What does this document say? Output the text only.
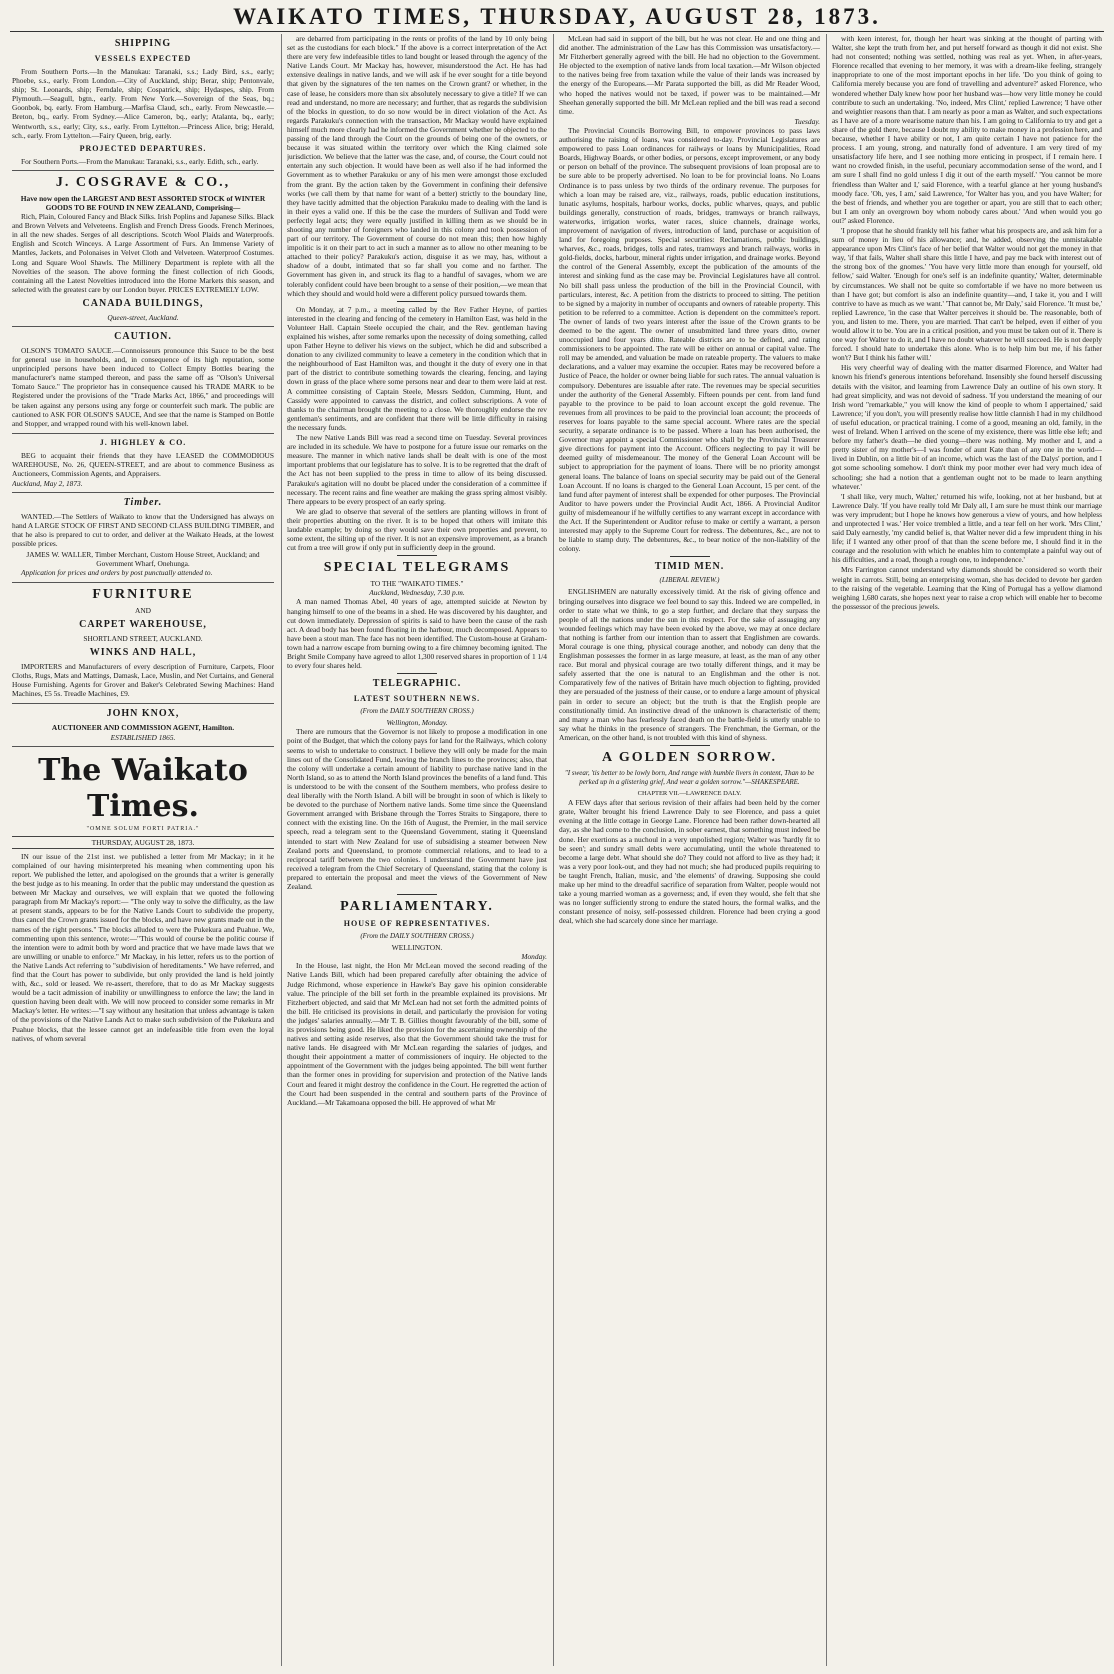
WAIKATO TIMES, THURSDAY, AUGUST 28, 1873.
SHIPPING
VESSELS EXPECTED
From Southern Ports.—In the Manukau: Taranaki, s.s.; Lady Bird, s.s., early; Phoebe, s.s., early. From London.—City of Auckland, ship; Berar, ship; Pentonvale, ship; St. Leonards, ship; Ferndale, ship; Cospatrick, ship; Hydaspes, ship. From Plymouth.—Seagull, bgtn., early. From New York.—Sovereign of the Seas, bq.; Goonbok, bq. early. From Hamburg.—Marfisa Claud, sch., early. From Newcastle.—Breton, bq., early. From Sydney.—Alice Cameron, bq., early; Atalanta, bq., early; Wentworth, s.s., early; City, s.s., early. From Lyttelton.—Princess Alice, brig; Herald, sch., early. From Lyttelton.—Fairy Queen, brig, early.
PROJECTED DEPARTURES.
For Southern Ports.—From the Manukau: Taranaki, s.s., early. Edith, sch., early.
J. COSGRAVE & CO.,
Have now open the LARGEST AND BEST ASSORTED STOCK of WINTER GOODS TO BE FOUND IN NEW ZEALAND, Comprising—
Rich, Plain, Coloured Fancy and Black Silks. Irish Poplins and Japanese Silks. Black and Brown Velvets and Velveteens. English and French Dress Goods. French Merinoes, in all the new shades. Serges of all descriptions. Scotch Wool Plaids and Waterproofs. English and Scotch Winceys. A Large Assortment of Furs. An Immense Variety of Mantles, Jackets, and Polonaises in Velvet Cloth and Velveteen. Waterproof Costumes. Long and Square Wool Shawls. The Millinery Department is replete with all the Novelties of the season. The above forming the finest collection of rich Goods, containing all the Latest Novelties introduced into the Home Markets this season, and selected with the greatest care by our London buyer. PRICES EXTREMELY LOW.
CANADA BUILDINGS,
Queen-street, Auckland.
CAUTION.
OLSON'S TOMATO SAUCE.—Connoisseurs pronounce this Sauce to be the best for general use in households, and, in consequence of its high reputation, some unprincipled persons have been induced to Collect Empty Bottles bearing the manufacturer's name stamped thereon, and pass the same off as "Olson's Universal Tomato Sauce." The proprietor has in consequence caused his TRADE MARK to be Registered under the provisions of the "Trade Marks Act, 1866," and proceedings will be taken against any persons using any forge or counterfeit such mark. The public are cautioned to ASK FOR OLSON'S SAUCE, And see that the name is Stamped on Bottle and Stopper, and wrapped round with his well-known label.
J. HIGHLEY & CO.
BEG to acquaint their friends that they have LEASED the COMMODIOUS WAREHOUSE, No. 26, QUEEN-STREET, and are about to commence Business as Auctioneers, Commission Agents, and Appraisers.
Auckland, May 2, 1873.
Timber.
WANTED.—The Settlers of Waikato to know that the Undersigned has always on hand A LARGE STOCK OF FIRST AND SECOND CLASS BUILDING TIMBER, and that he also is prepared to cut to order, and deliver at the Waikato Heads, at the lowest possible prices.
JAMES W. WALLER, Timber Merchant, Custom House Street, Auckland; and Government Wharf, Onehunga.
Application for prices and orders by post punctually attended to.
FURNITURE
AND
CARPET WAREHOUSE,
SHORTLAND STREET, AUCKLAND.
WINKS AND HALL,
IMPORTERS and Manufacturers of every description of Furniture, Carpets, Floor Cloths, Rugs, Mats and Mattings, Damask, Lace, Muslin, and Net Curtains, and General House Furnishing. Agents for Grover and Baker's Celebrated Sewing Machines: Hand Machines, £5 5s. Treadle Machines, £9.
JOHN KNOX,
AUCTIONEER AND COMMISSION AGENT, Hamilton.
ESTABLISHED 1865.
The Waikato Times.
"OMNE SOLUM FORTI PATRIA."
THURSDAY, AUGUST 28, 1873.
IN our issue of the 21st inst. we published a letter from Mr Mackay; in it he complained of our having misinterpreted his meaning when commenting upon his report. We published the letter, and apologised on the grounds that a writer is generally the best judge as to his meaning. In order that the public may understand the question as between Mr Mackay and ourselves, we will explain that we quoted the following paragraph from Mr Mackay's report:— "The only way to solve the difficulty, as the law at present stands, appears to be for the Native Lands Court to subdivide the property, thus cancel the Crown grants issued for the blocks, and have new grants made out in the names of the right persons." The blocks alluded to were the Pukekura and Puahue. We, commenting upon this sentence, wrote:—"This would of course be the politic course if the intention were to admit both by word and practice that we have made laws that we are unwilling or unable to enforce." Mr Mackay, in his letter, refers us to the portion of the Native Lands Act referring to "subdivision of hereditaments." We have referred, and find that the Court has power to subdivide, but only provided the land is held jointly with, &c., sold or leased. We re-assert, therefore, that to do as Mr Mackay suggests would be a tacit admission of inability or unwillingness to enforce the law; the land in question having been dealt with. We will now proceed to consider some remarks in Mr Mackay's letter. He writes:—"I say without any hesitation that unless advantage is taken of the provisions of the Native Lands Act to make such subdivision of the Pukekura and Puahue blocks, that the lessee cannot get an indefeasible title from even the loyal natives, of whom several
are debarred from participating in the rents or profits of the land by 10 only being set as the custodians for each block." If the above is a correct interpretation of the Act there are very few indefeasible titles to land bought or leased through the agency of the Native Lands Court. Mr Mackay has, however, misunderstood the Act. He has had extensive dealings in native lands, and we will ask if he ever sought for a title beyond that given by the signatures of the ten names on the Crown grant? or whether, in the case of lease, he considers more than six absolutely necessary to give a title? If we can read and understand, no more are necessary; and further, that as regards the subdivision of the blocks in question, to do so now would be in direct violation of the Act. As regards Parakuku's connection with the transaction, Mr Mackay would have explained himself much more clearly had he informed the Government whether he objected to the passing of the land through the Court on the grounds of being one of the owners, or because it was situated within the territory over which the King claimed sole jurisdiction. We believe that the latter was the case, and, of course, the Court could not entertain any such objection. It would have been as well also if he had informed the Government as to whether Parakuku or any of his men were amongst those excluded from the grant. By the action taken by the Government in confining their defensive works (we call them by that name for want of a better) strictly to the boundary line, they have tacitly admitted that the objection Parakuku made to dealing with the land is in their eyes a valid one. If this be the case the murders of Sullivan and Todd were perfectly legal acts; they were equally justified in killing them as we should be in shooting any number of foreigners who landed in this colony and took possession of part of our territory. The Government of course do not mean this; then how highly impolitic is it on their part to act in such a manner as to allow no other meaning to be attached to their policy? Parakuku's action, disguise it as we may, has, without a shadow of a doubt, intimated that so far shall you come and no farther. The Government has given in, and struck its flag to a handful of savages, whom we are tolerably confident could have been brought to a sense of their position,—we mean that which they should and would hold were a different policy pursued towards them.
On Monday, at 7 p.m., a meeting called by the Rev Father Heyne, of parties interested in the clearing and fencing of the cemetery in Hamilton East, was held in the Volunteer Hall. Captain Steele occupied the chair, and the Rev. gentleman having explained his wishes, after some remarks upon the necessity of doing something, called upon Father Heyne to deliver his views on the subject, which he did and subscribed a donation to any civilized community to leave a cemetery in the condition which that in the neighbourhood of East Hamilton was, and thought it the duty of every one in that part of the district to contribute something towards the clearing, fencing, and laying down in grass of the place where some persons near and dear to them were laid at rest. A committee consisting of Captain Steele, Messrs Seddon, Cumming, Hunt, and Cassidy were appointed to canvass the district, and collect subscriptions. A vote of thanks to the chairman brought the meeting to a close. We thoroughly endorse the rev gentleman's sentiments, and are confident that there will be little difficulty in raising the necessary funds.
The new Native Lands Bill was read a second time on Tuesday. Several provinces are included in its schedule. We have to postpone for a future issue our remarks on the measure. The manner in which native lands shall be dealt with is one of the most important problems that our legislature has to solve. It is to be regretted that the draft of the Act has not been supplied to the press in time to allow of its being discussed. Parakuku's agitation will no doubt be placed under the consideration of a committee if necessary. The recent rains and fine weather are making the grass spring almost visibly. There appears to be every prospect of an early spring.
We are glad to observe that several of the settlers are planting willows in front of their properties abutting on the river. It is to be hoped that others will imitate this laudable example; by doing so they would save their own properties and prevent, to some extent, the silting up of the river. It is not an expensive improvement, as a branch cut from a tree will grow if only put in sufficiently deep in the ground.
SPECIAL TELEGRAMS
TO THE "WAIKATO TIMES."
Auckland, Wednesday, 7.30 p.m.
A man named Thomas Abel, 40 years of age, attempted suicide at Newton by hanging himself to one of the beams in a shed. He was discovered by his daughter, and cut down immediately. Depression of spirits is said to have been the cause of the rash act. A dead body has been found floating in the harbour, much decomposed. Appears to have been a stout man. The face has not been identified. The Custom-house at Graham-town had a narrow escape from burning owing to a fire chimney becoming ignited. The Bright Smile Company have agreed to allot 1,300 reserved shares in proportion of 1 1/4 to every four shares held.
TELEGRAPHIC.
LATEST SOUTHERN NEWS.
(From the DAILY SOUTHERN CROSS.)
Wellington, Monday.
There are rumours that the Governor is not likely to propose a modification in one point of the Budget, that which the colony pays for land for the Railways, which colony seems to wish to undertake to construct. I believe they will only be made for the main lines out of the Consolidated Fund, leaving the branch lines to the provinces; also, that the colony will undertake a certain amount of liability to purchase native land in the North Island, so as to attend the North Island provinces the benefits of a land fund. This is understood to be with the consent of the Southern members, who profess desire to deal liberally with the North Island. A bill will be brought in soon of which is likely to be devoted to the purchase of Northern native lands. Some time since the Queensland Government arranged with Brisbane through the Torres Straits to Singapore, there to connect with the existing line. On the 16th of August, the Premier, in the mail service speech, read a telegram sent to the Queensland Government, stating it Queensland intended to start with New Zealand for use of subsidising a steamer between New Zealand ports and Queensland, to promote commercial relations, and to lead to a reciprocal tariff between the two colonies. I understand the Government have just received a telegram from the Chief Secretary of Queensland, stating that the colony is prepared to entertain the proposal and meet the views of the Government of New Zealand.
PARLIAMENTARY.
HOUSE OF REPRESENTATIVES.
(From the DAILY SOUTHERN CROSS.)
WELLINGTON.
Monday.
In the House, last night, the Hon Mr McLean moved the second reading of the Native Lands Bill, which had been prepared carefully after obtaining the advice of Judge Richmond, whose experience in Hawke's Bay gave his opinion considerable value. The principle of the bill set forth in the preamble explained its provisions. Mr Fitzherbert objected, and said that Mr McLean had not set forth the admitted points of the bill. He criticised its provisions in detail, and particularly the provision for voting the judges' salaries annually.—Mr T. B. Gillies thought favourably of the bill, some of its provisions being good. He liked the provision for the ascertaining ownership of the natives and setting aside reserves, also that the Government should take the trust for native lands. He disagreed with Mr McLean regarding the salaries of judges, and thought their appointment a matter of commissioners of inquiry. He objected to the appointment of the Government with the judges being appointed. The bill went further than the former ones in providing for supervision and protection of the Native lands Court and feared it might destroy the confidence in the Court. He regretted the action of the Court had been suspended in the central and southern parts of the Province of Auckland.—Mr Takamoana opposed the bill. He approved of what Mr
McLean had said in support of the bill, but he was not clear. He and one thing and did another. The administration of the Law has this Commission was unsatisfactory.—Mr Fitzherbert generally agreed with the bill. He had no objection to the Government. He objected to the exemption of native lands from local taxation.—Mr Wilson objected to the natives being free from taxation while the value of their lands was increased by the energy of the Europeans.—Mr Parata supported the bill, as did Mr Reader Wood, who hoped the natives would not be taxed, if power was to be maintained.—Mr Sheehan generally supported the bill. Mr McLean replied and the bill was read a second time.
Tuesday.
The Provincial Councils Borrowing Bill, to empower provinces to pass laws authorising the raising of loans, was considered to-day. Provincial Legislatures are empowered to pass Loan ordinances for railways or loans by Municipalities, Road Boards, Highway Boards, or other bodies, or persons, except improvement, or any body or person on behalf of the province. The subsequent provisions of loan proposal are to be sure able to be properly advertised. No loan to be for provincial loans. No Loans Ordinance is to pass unless by two thirds of the ordinary revenue. The purposes for which a loan may be raised are, viz., railways, roads, public education institutions, lunatic asylums, hospitals, harbour works, docks, public wharves, quays, and public buildings generally, construction of roads, bridges, tramways or branch railways, waterworks, irrigation works, water races, sluice channels, drainage works, improvement of navigation of rivers, introduction of land, purchase or acquisition of land for foregoing purposes. Special securities: Reclamations, public buildings, wharves, &c., roads, bridges, tolls and rates, tramways and branch railways, works in gold-fields, docks, harbour, mineral rights under irrigation, and drainage works. Beyond the control of the General Assembly, except the publication of the amounts of the interest and sinking fund as the case may be. Provincial Legislatures have all control. No bill shall pass unless the production of the bill in the Provincial Council, with particulars, interest, &c. A petition from the districts to proceed to sitting. The petition to be signed by a majority in number of occupants and owners of rateable property. This petition to be referred to a committee. Action is dependent on the committee's report. The owner of lands of two years interest after the issue of the Crown grants to be deemed to be the agent. The owner of unsubmitted land three years ditto, owner unoccupied land four years ditto. Rateable districts are to be defined, and rating commissioners to be appointed. The rate will be either on annual or capital value. The roll may be amended, and valuation be made on rateable property. The valuers to make declarations, and a valuer may examine the occupier. Rates may be recovered before a Justice of Peace, the holder or owner being liable for such rates. The annual valuation is compulsory. Debentures are issuable after rate. The revenues may be special securities under the authority of the General Assembly. Fifteen pounds per cent. from land fund payable to the province to be paid to loan account except the gold revenue. The revenues from all provinces to be paid to the provincial loan account; the proceeds of reserves for loans payable to the same special account. Where rates are the special security, a separate ordinance is to be passed. Where a loan has been authorised, the Governor may appoint a special Commissioner who shall by the Provincial Treasurer give directions for payment into the Account. Officers neglecting to pay it will be deemed guilty of misdemeanour. The money of the General Loan Account will be subject to appropriation for the payment of loans. There will be no priority amongst general loans. The balance of loans on special security may be paid out of the General Loan Account. If no loans is charged to the General Loan Account, 15 per cent. of the land fund after payment of interest shall be expended for other purposes. The Provincial Auditor to have powers under the Provincial Audit Act, 1866. A Provincial Auditor guilty of misdemeanour if he wilfully certifies to any warrant except in accordance with the Act. If the Superintendent or Auditor refuse to make or certify a warrant, a person interested may apply to the Supreme Court for redress. The debentures, &c., are not to be liable to stamp duty. The debentures, &c., to bear notice of the non-liability of the colony.
TIMID MEN.
(LIBERAL REVIEW.)
ENGLISHMEN are naturally excessively timid. At the risk of giving offence and bringing ourselves into disgrace we feel bound to say this. Indeed we are compelled, in order to state what we think, to go a step further, and declare that they surpass the people of all the nations under the sun in this respect. For the sake of assuaging any wounded feelings which may have been evoked by the above, we may at once declare that nothing is farther from our intention than to assert that Englishmen are cowards. Moral courage is one thing, physical courage another, and nobody can deny that the Englishman possesses the former in as large measure, at least, as the man of any other race. But moral and physical courage are two totally different things, and it may be safely asserted that the one is natural to an Englishman and the other is not. Comparatively few of the natives of Britain have much objection to fighting, provided they are persuaded of the justness of their cause, or to endure a large amount of physical pain in order to secure an object; but the truth is that the English people are constitutionally timid. An instinctive dread of the unknown is characteristic of them; and many a man who has fearlessly faced death on the battle-field is utterly unable to say what he thinks in the presence of strangers. The Frenchman, the German, or the American, on the other hand, is not troubled with this kind of shyness.
A GOLDEN SORROW.
"I swear, 'tis better to be lowly born, And range with humble livers in content, Than to be perked up in a glistering grief, And wear a golden sorrow."—SHAKESPEARE.
CHAPTER VII.—LAWRENCE DALY.
A FEW days after that serious revision of their affairs had been held by the corner grate, Walter brought his friend Lawrence Daly to see Florence, and pass a quiet evening at the little cottage in George Lane. Florence had been rather down-hearted all day, as she had come to the conclusion, in sober earnest, that something must indeed be done. Her exertions as a nuchoul in a very unpolished region; Walter was 'hardly fit to be seen'; and sundry small debts were accumulating, until the whole threatened to become a large debt. What should she do? They could not afford to live as they had; it was a very poor look-out, and they had not much; she had produced pupils requiring to be taught French, Italian, music, and 'the elements' of drawing. Supposing she could make up her mind to the dreadful sacrifice of separation from Walter, people would not take a young married woman as a governess; and, if even they would, she felt that she was no longer sufficiently strong to endure the stated hours, the formal walks, and the constant presence of noisy, self-possessed children. Florence had been crying a good deal, which she had scarcely done since her marriage.
with keen interest, for, though her heart was sinking at the thought of parting with Walter, she kept the truth from her, and put herself forward as though it did not exist. She had not consented; nothing was settled, nothing was real as yet. When, in after-years, Florence recalled that evening to her memory, it was with a dream-like feeling, strangely inappropriate to one of the most important epochs in her life. 'Do you think of going to California merely because you are fond of travelling and adventure?' asked Florence, who wondered whether Daly knew how poor her husband was—how very little money he could contribute to such an undertaking. 'No, indeed, Mrs Clint,' replied Lawrence; 'I have other and weightier reasons than that. I am nearly as poor a man as Walter, and such expectations as I have are of a more wearisome nature than his. I am going to California to try and get a share of the gold there, because I doubt my ability to make money in a profession here, and because, whether I have ability or not, I am quite certain I have not patience for the process. I am young, strong, and naturally fond of adventure. I am very tired of my unsatisfactory life here, and I see nothing more enticing in prospect, if I remain here. I want no crowded finish, in the useful, pecuniary accommodation sense of the word, and I am sure I shall find no gold unless I dig it out of the earth myself.' 'You cannot be more friendless than Walter and I,' said Florence, with a tearful glance at her young husband's moody face. 'Oh, yes, I am,' said Lawrence, 'for Walter has you, and you have Walter; for the best of friends, and whether you are together or apart, you are still that to each other; but I am only an overgrown boy whom nobody cares about.' 'And when would you go out?' asked Florence.
'I propose that he should frankly tell his father what his prospects are, and ask him for a sum of money in lieu of his allowance; and, he added, observing the unmistakable appearance upon Mrs Clint's face of her belief that Walter would not get the money in that way, 'if that fails, Walter shall share this little I have, and pay me back with interest out of the strong box of the gnomes.' 'You have very little more than enough for yourself, old fellow,' said Walter. 'Enough for one's self is an indefinite quantity,' Walter, determinable by circumstances. We shall not be quite so comfortable if we have no more between us than I have got; but comfort is also an indefinite quantity—and, I take it, you and I will contrive to have as much as we want.' 'That cannot be, Mr Daly,' said Florence. 'It must be,' replied Lawrence, 'in the case that Walter perceives it should be. The reasonable, both of you, and listen to me. There, you are married. That can't be helped, even if either of you would allow it to be. You are in a critical position, and you must be taken out of it. There is one way for Walter to do it, and I have no doubt whatever he will succeed. He is not deeply forced. I should hate to undertake this alone. Who is to help him but me, if his father won't? But I think his father will.'
His very cheerful way of dealing with the matter disarmed Florence, and Walter had known his friend's generous intentions beforehand. Insensibly she found herself discussing details with the visitor, and learning from Lawrence Daly an outline of his own story. It had great simplicity, and was not devoid of sadness. 'If you understand the meaning of our Irish word "remarkable," you will know the kind of people to whom I appertained,' said Lawrence; 'if you don't, you will presently realise how little clannish I had in my childhood of useful education, or practical training. I come of a good, meaning an old, family, in the west of Ireland. When I arrived on the scene of my existence, there was little else left; and before my father's death—he died young—there was nothing. My mother and I, and a pretty sister of my mother's—I was fonder of aunt Kate than of any one in the world—lived in Dublin, on a little bit of an income, which was the last of the Dalys' portion, and I got some schooling somehow. I don't think my poor mother ever had very much idea of schooling; she had a notion that a gentleman ought not to be made to learn anything whatever.'
'I shall like, very much, Walter,' returned his wife, looking, not at her husband, but at Lawrence Daly. 'If you have really told Mr Daly all, I am sure he must think our marriage was very imprudent; but I hope he knows how generous a view of yours, and how helpless and unprotected I was.' Her voice trembled a little, and a tear fell on her work. 'Mrs Clint,' said Daly earnestly, 'my candid belief is, that Walter never did a few imprudent thing in his life; if I wanted any other proof of that than the scene before me, I should find it in the courage and the resolution with which he enables him to contemplate a painful way out of his difficulties, and a road, though a rough one, to independence.'
Mrs Farrington cannot understand why diamonds should be considered so worth their weight in carrots. Still, being an enterprising woman, she has decided to devote her garden to the raising of the vegetable. Learning that the King of Portugal has a yellow diamond weighing 1,680 carats, she hopes next year to raise a crop which will enable her to become the possessor of the precious jewels.
